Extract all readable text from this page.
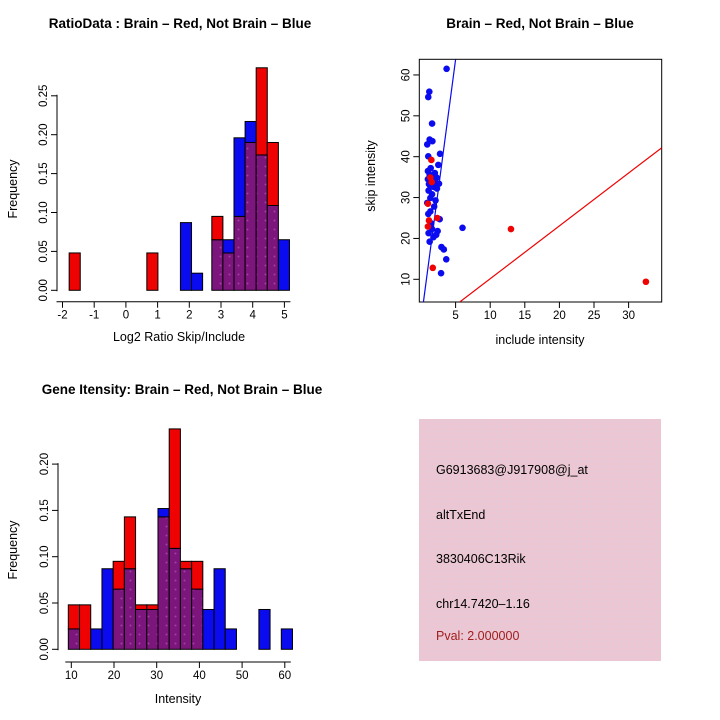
0.00
0.05
0.10
0.15
0.20
0.25
-2 -1 0 1 2 3 4 5	5 10 15 20 25 30
10
20
30
40
50
60
0.00
0.05
0.10
0.15
0.20
10	20	30	40	50	60
RatioData : Brain – Red, Not Brain – Blue	Brain – Red, Not Brain – Blue
Gene Itensity: Brain – Red, Not Brain – Blue
Log2 Ratio Skip/Include
Frequency
include intensity
skip intensity
Intensity
Frequency
G6913683@J917908@j_at
altTxEnd
3830406C13Rik
chr14.7420–1.16
Pval: 2.000000
